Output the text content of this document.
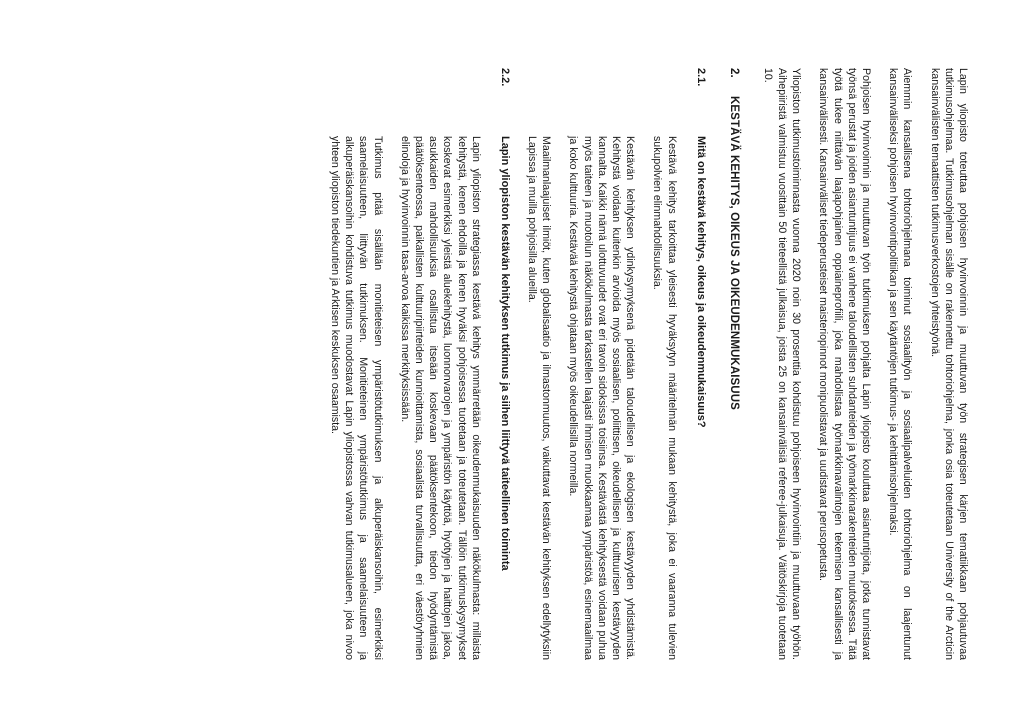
Lapin yliopisto toteuttaa pohjoisen hyvinvoinnin ja muuttuvan työn strategisen kärjen tematiikkaan pohjautuvaa tutkimusohjelmaa. Tutkimusohjelman sisälle on rakennettu tohtoriohjelma, jonka osia toteutetaan University of the Arcticin kansainvälisten temaattisten tutkimusverkostojen yhteistyönä.

Aiemmin kansallisena tohtoriohjelmana toiminut sosiaalityön ja sosiaalipalveluiden tohtoriohjelma on laajentunut kansainväliseksi pohjoisen hyvinvointipolitiikan ja sen käytäntöjen tutkimus- ja kehittämisohjelmaksi.

Pohjoisen hyvinvoinnin ja muuttuvan työn tutkimuksen pohjalta Lapin yliopisto kouluttaa asiantuntijoita, jotka tunnistavat työnsä perustat ja joiden asiantuntijuus ei vanhene taloudellisten suhdanteiden ja työmarkkinarakenteiden muutoksessa. Tätä työtä tukee niittävän laajapohjainen oppiaineprofiili, joka mahdollistaa työmarkkinavalintojen tekemisen kansallisesti ja kansainvälisesti. Kansainväliset tiedeperusteiset maisteriopinnot monipuolistavat ja uudistavat perusopetusta.

Yliopiston tutkimustoiminnasta vuonna 2020 noin 30 prosenttia kohdistuu pohjoiseen hyvinvointiin ja muuttuvaan työhön. Aihepiiristä valmistuu vuosittain 50 tieteellistä julkaisua, joista 25 on kansainvälisiä referee-julkaisuja. Väitöskirjoja tuotetaan 10.

2.KESTÄVÄ KEHITYS, OIKEUS JA OIKEUDENMUKAISUUS
2.1.Mitä on kestävä kehitys, oikeus ja oikeudenmukaisuus?

Kestävä kehitys tarkoittaa yleisesti hyväksytyn määritelmän mukaan kehitystä, joka ei vaaranna tulevien sukupolvien elinmahdollisuuksia.

Kestävän kehityksen ydinkysymyksenä pidetään taloudellisen ja ekologisen kestävyyden yhdistämistä. Kehitystä voidaan kuitenkin arvioida myös sosiaalisen, poliittisen, oikeudellisen ja kulttuurisen kestävyyden kannalta. Kaikki nämä ulottuvuudet ovat eri tavoin sidoksissa toisiinsa. Kestävästä kehityksestä voidaan puhua myös taiteen ja muotoilun näkökulmasta tarkastellen laajasti ihmisen muokkaamaa ympäristöä, esinemaailmaa ja koko kulttuuria. Kestävää kehitystä ohjataan myös oikeudellisilla normeilla.

Maailmanlaajuiset ilmiöt, kuten globalisaatio ja ilmastonmuutos, vaikuttavat kestävän kehityksen edellytyksiin Lapissa ja muilla pohjoisilla alueilla.

2.2.Lapin yliopiston kestävän kehityksen tutkimus ja siihen liittyvä taiteellinen toiminta

Lapin yliopiston strategiassa kestävä kehitys ymmärretään oikeudenmukaisuuden näkökulmasta: millaista kehitystä, kenen ehdoilla ja kenen hyväksi pohjoisessa tuotetaan ja toteutetaan. Tällöin tutkimuskysymykset koskevat esimerkiksi yleistä aluekehitystä, luonnonvarojen ja ympäristön käyttöä, hyötyjen ja haittojen jakoa, asukkaiden mahdollisuuksia osallistua itseään koskevaan päätöksentekoon, tiedon hyödyntämistä päätöksenteossa, paikallisten kulttuuripiirteiden kunnioittamista, sosiaalista turvallisuutta, eri väestöryhmien elinoloja ja hyvinvoinnin tasa-arvoa kaikissa merkityksissään.

Tutkimus pitää sisällään monitieteisen ympäristötutkimuksen ja alkuperäiskansoihin, esimerkiksi saamelaisuuteen, liittyvän tutkimuksen. Monitieteinen ympäristötutkimus ja saamelaisuuteen ja alkuperäiskansoihin kohdistuva tutkimus muodostavat Lapin yliopistossa vahvan tutkimusalueen, joka nivoo yhteen yliopiston tiedekuntien ja Arktisen keskuksen osaamista.
